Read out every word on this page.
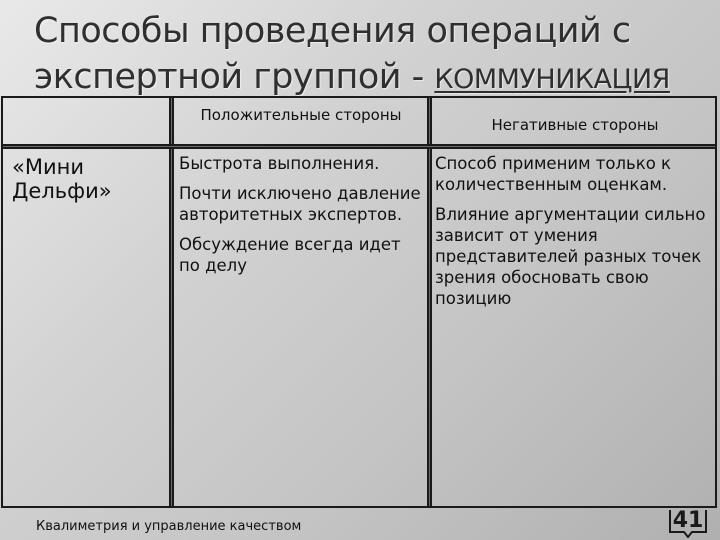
Способы проведения операций с
экспертной группой - КОММУНИКАЦИЯ
Положительные стороны
Негативные стороны
«Мини Дельфи»

Быстрота выполнения.

Почти исключено давление авторитетных экспертов.

Обсуждение всегда идет по делу

Способ применим только к количественным оценкам.

Влияние аргументации сильно зависит от умения представителей разных точек зрения обосновать свою позицию

Квалиметрия и управление качеством	41
